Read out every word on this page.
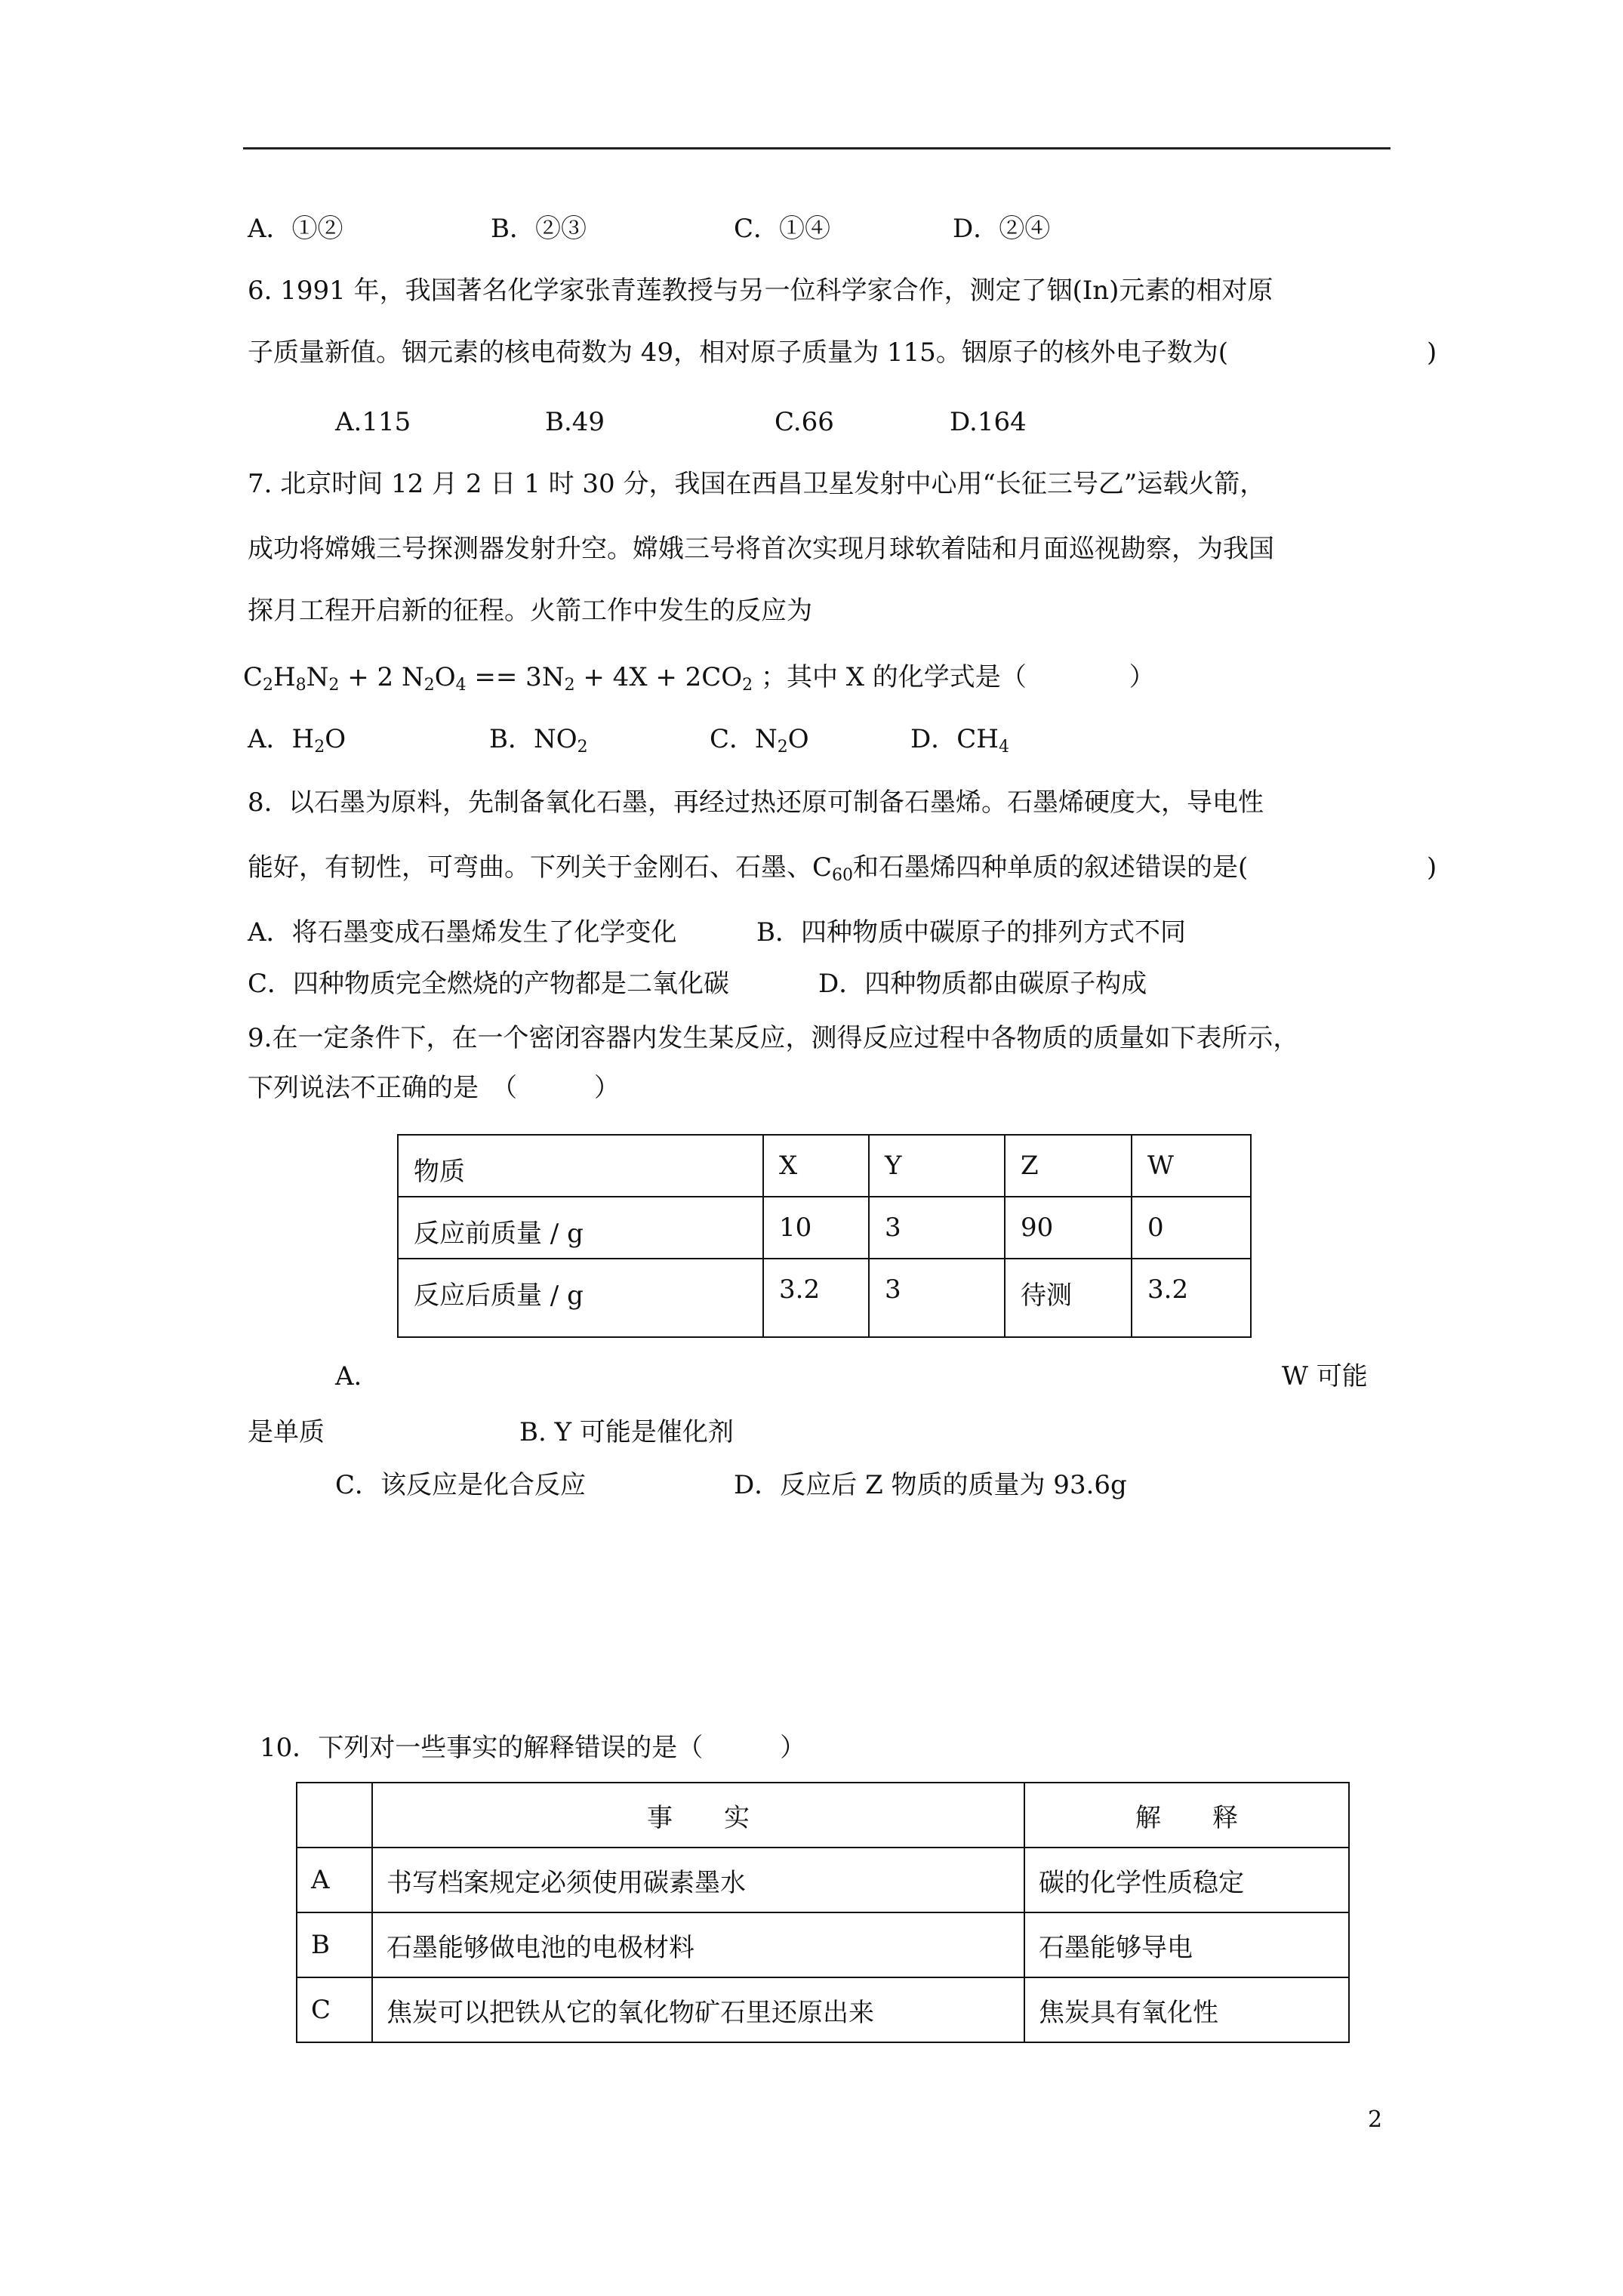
A．①②	B．②③	C．①④	D．②④
6. 1991 年，我国著名化学家张青莲教授与另一位科学家合作，测定了铟(In)元素的相对原
子质量新值。铟元素的核电荷数为 49，相对原子质量为 115。铟原子的核外电子数为(	)
A.115	B.49	C.66	D.164
7. 北京时间 12 月 2 日 1 时 30 分，我国在西昌卫星发射中心用“长征三号乙”运载火箭，
成功将嫦娥三号探测器发射升空。嫦娥三号将首次实现月球软着陆和月面巡视勘察，为我国
探月工程开启新的征程。火箭工作中发生的反应为
$C_2H_8N_2 + 2$ $N_2O_4 == 3N_2 + 4X + 2CO_2$ ；其中 X 的化学式是（　　　　）
A．$H_2O$	B．$NO_2$	C．$N_2O$	D．$CH_4$
8.  以石墨为原料，先制备氧化石墨，再经过热还原可制备石墨烯。石墨烯硬度大，导电性
能好，有韧性，可弯曲。下列关于金刚石、石墨、$C_{60}$和石墨烯四种单质的叙述错误的是(	)
A．将石墨变成石墨烯发生了化学变化	B．四种物质中碳原子的排列方式不同
C．四种物质完全燃烧的产物都是二氧化碳	D．四种物质都由碳原子构成
9.在一定条件下，在一个密闭容器内发生某反应，测得反应过程中各物质的质量如下表所示，
下列说法不正确的是　（　　　）
物质	X	Y	Z	W
反应前质量 / g	10	3	90	0
反应后质量 / g	3.2	3	待测	3.2
A.	W 可能
是单质	B. Y 可能是催化剂
C．该反应是化合反应	D．反应后 Z 物质的质量为 93.6g
10．下列对一些事实的解释错误的是（　　　）
	事　　实	解　　释
A	书写档案规定必须使用碳素墨水	碳的化学性质稳定
B	石墨能够做电池的电极材料	石墨能够导电
C	焦炭可以把铁从它的氧化物矿石里还原出来	焦炭具有氧化性
2
